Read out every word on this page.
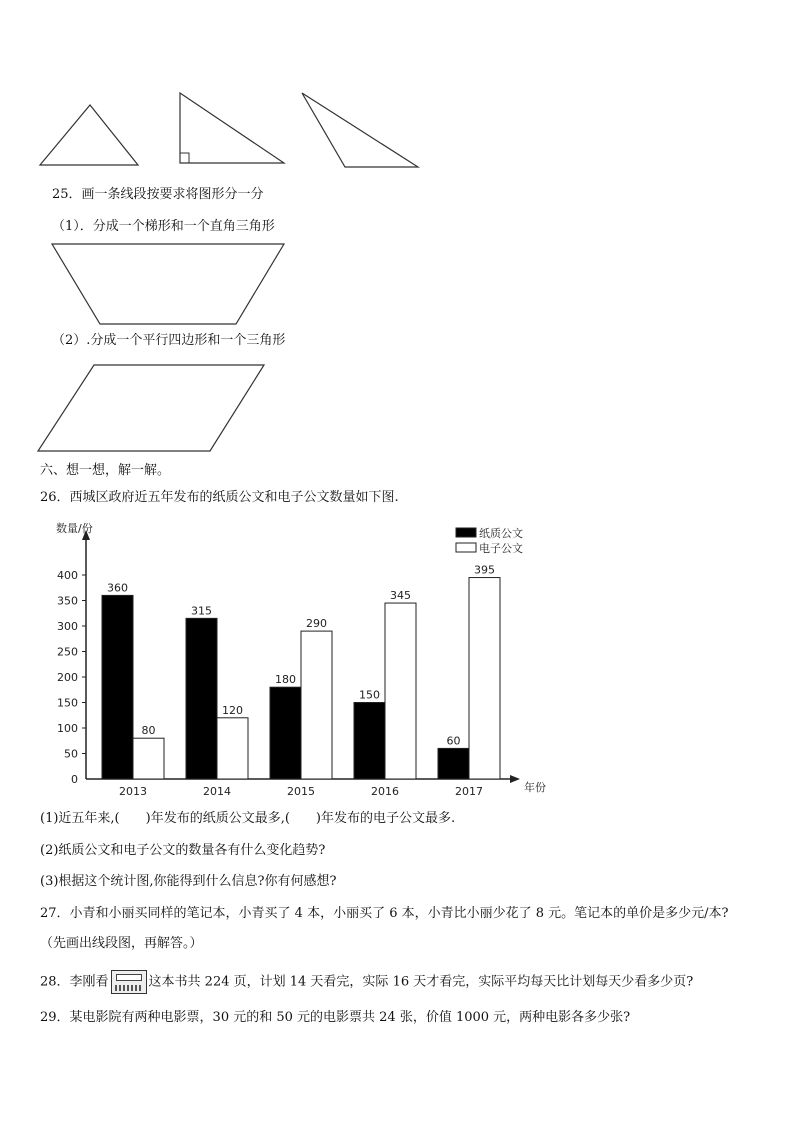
25．画一条线段按要求将图形分一分
（1）．分成一个梯形和一个直角三角形
（2）.分成一个平行四边形和一个三角形
六、想一想，解一解。
26．西城区政府近五年发布的纸质公文和电子公文数量如下图.
数量/份
年份
0
50
100
150
200
250
300
350
400
360
80
2013
315
120
2014
180
290
2015
150
345
2016
60
395
2017
纸质公文
电子公文
(1)近五年来,(　　)年发布的纸质公文最多,(　　)年发布的电子公文最多.
(2)纸质公文和电子公文的数量各有什么变化趋势?
(3)根据这个统计图,你能得到什么信息?你有何感想?
27．小青和小丽买同样的笔记本，小青买了 4 本，小丽买了 6 本，小青比小丽少花了 8 元。笔记本的单价是多少元/本?
（先画出线段图，再解答。）
28．李刚看	这本书共 224 页，计划 14 天看完，实际 16 天才看完，实际平均每天比计划每天少看多少页?
29．某电影院有两种电影票，30 元的和 50 元的电影票共 24 张，价值 1000 元，两种电影各多少张?
